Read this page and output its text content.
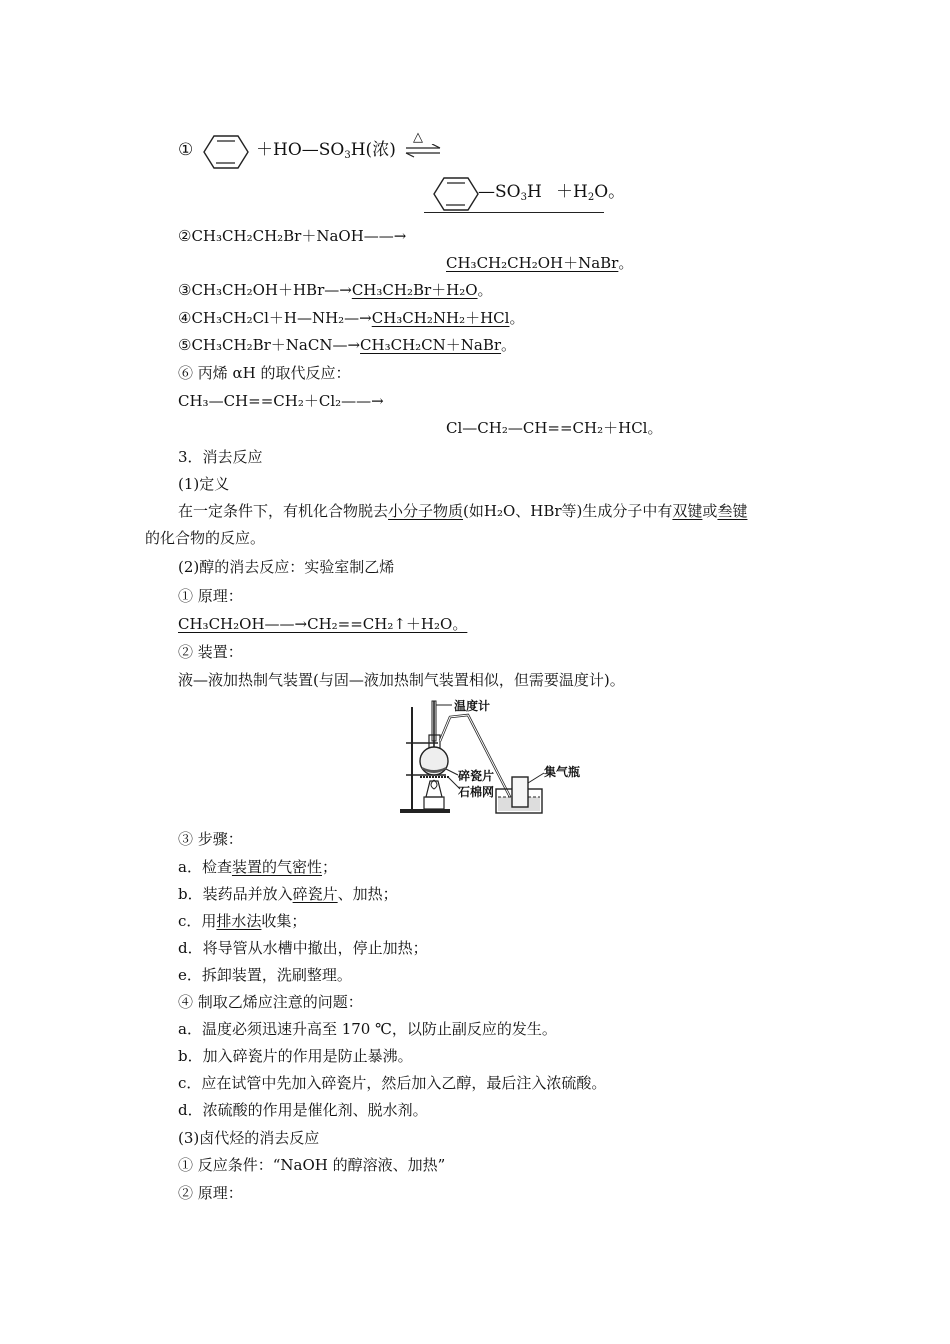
①	$+HO—SO_3H$(浓)
△
$—SO_3H +H_2O$。
②CH₃CH₂CH₂Br＋NaOH——→
CH₃CH₂CH₂OH＋NaBr。
③CH₃CH₂OH＋HBr—→CH₃CH₂Br＋H₂O。
④CH₃CH₂Cl＋H—NH₂—→CH₃CH₂NH₂＋HCl。
⑤CH₃CH₂Br＋NaCN—→CH₃CH₂CN＋NaBr。
⑥ 丙烯 αH 的取代反应：
CH₃—CH==CH₂＋Cl₂——→
Cl—CH₂—CH==CH₂＋HCl。
3．消去反应
(1)定义
在一定条件下，有机化合物脱去小分子物质(如H₂O、HBr等)生成分子中有双键或叁键
的化合物的反应。
(2)醇的消去反应：实验室制乙烯
① 原理：
CH₃CH₂OH——→CH₂==CH₂↑＋H₂O。
② 装置：
液—液加热制气装置(与固—液加热制气装置相似，但需要温度计)。
温度计
碎瓷片
石棉网
集气瓶
③ 步骤：
a．检查装置的气密性；
b．装药品并放入碎瓷片、加热；
c．用排水法收集；
d．将导管从水槽中撤出，停止加热；
e．拆卸装置，洗刷整理。
④ 制取乙烯应注意的问题：
a．温度必须迅速升高至 170 ℃，以防止副反应的发生。
b．加入碎瓷片的作用是防止暴沸。
c．应在试管中先加入碎瓷片，然后加入乙醇，最后注入浓硫酸。
d．浓硫酸的作用是催化剂、脱水剂。
(3)卤代烃的消去反应
① 反应条件：“NaOH 的醇溶液、加热”
② 原理：
